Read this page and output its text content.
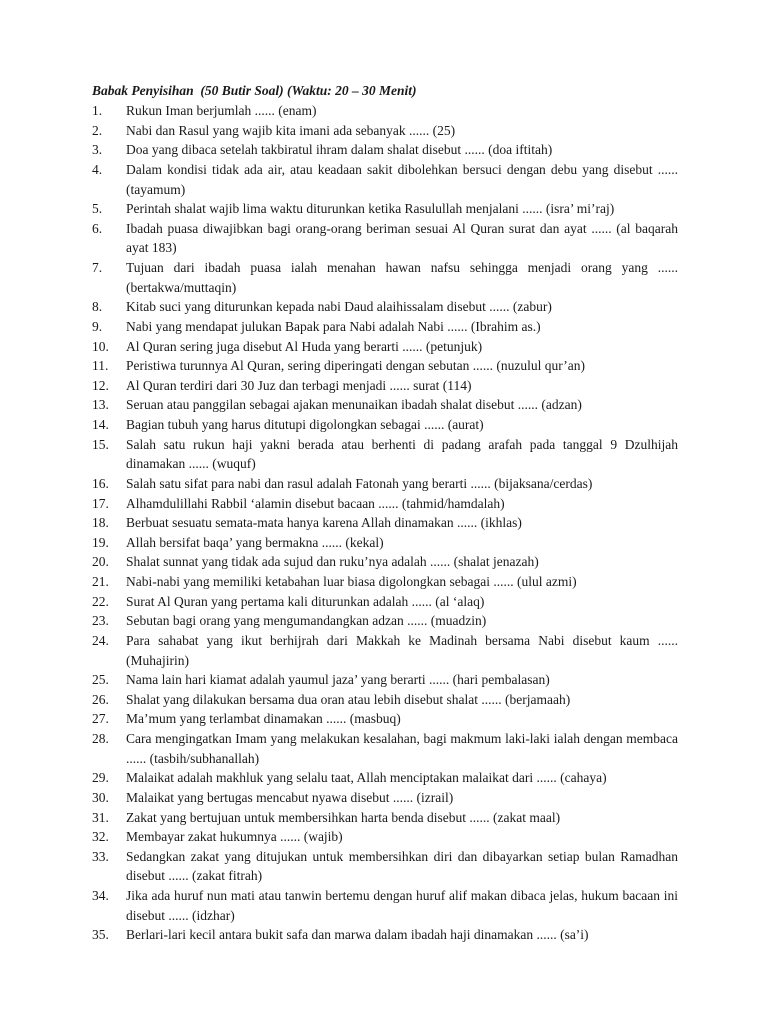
Babak Penyisihan  (50 Butir Soal) (Waktu: 20 – 30 Menit)
1.	Rukun Iman berjumlah ...... (enam)
2.	Nabi dan Rasul yang wajib kita imani ada sebanyak ...... (25)
3.	Doa yang dibaca setelah takbiratul ihram dalam shalat disebut ...... (doa iftitah)
4.	Dalam kondisi tidak ada air, atau keadaan sakit dibolehkan bersuci dengan debu yang disebut ...... (tayamum)
5.	Perintah shalat wajib lima waktu diturunkan ketika Rasulullah menjalani ...... (isra’ mi’raj)
6.	Ibadah puasa diwajibkan bagi orang-orang beriman sesuai Al Quran surat dan ayat ...... (al baqarah ayat 183)
7.	Tujuan dari ibadah puasa ialah menahan hawan nafsu sehingga menjadi orang yang ...... (bertakwa/muttaqin)
8.	Kitab suci yang diturunkan kepada nabi Daud alaihissalam disebut ...... (zabur)
9.	Nabi yang mendapat julukan Bapak para Nabi adalah Nabi ...... (Ibrahim as.)
10.	Al Quran sering juga disebut Al Huda yang berarti ...... (petunjuk)
11.	Peristiwa turunnya Al Quran, sering diperingati dengan sebutan ...... (nuzulul qur’an)
12.	Al Quran terdiri dari 30 Juz dan terbagi menjadi ...... surat (114)
13.	Seruan atau panggilan sebagai ajakan menunaikan ibadah shalat disebut ...... (adzan)
14.	Bagian tubuh yang harus ditutupi digolongkan sebagai ...... (aurat)
15.	Salah satu rukun haji yakni berada atau berhenti di padang arafah pada tanggal 9 Dzulhijah dinamakan ...... (wuquf)
16.	Salah satu sifat para nabi dan rasul adalah Fatonah yang berarti ...... (bijaksana/cerdas)
17.	Alhamdulillahi Rabbil ‘alamin disebut bacaan ...... (tahmid/hamdalah)
18.	Berbuat sesuatu semata-mata hanya karena Allah dinamakan ...... (ikhlas)
19.	Allah bersifat baqa’ yang bermakna ...... (kekal)
20.	Shalat sunnat yang tidak ada sujud dan ruku’nya adalah ...... (shalat jenazah)
21.	Nabi-nabi yang memiliki ketabahan luar biasa digolongkan sebagai ...... (ulul azmi)
22.	Surat Al Quran yang pertama kali diturunkan adalah ...... (al ‘alaq)
23.	Sebutan bagi orang yang mengumandangkan adzan ...... (muadzin)
24.	Para sahabat yang ikut berhijrah dari Makkah ke Madinah bersama Nabi disebut kaum ...... (Muhajirin)
25.	Nama lain hari kiamat adalah yaumul jaza’ yang berarti ...... (hari pembalasan)
26.	Shalat yang dilakukan bersama dua oran atau lebih disebut shalat ...... (berjamaah)
27.	Ma’mum yang terlambat dinamakan ...... (masbuq)
28.	Cara mengingatkan Imam yang melakukan kesalahan, bagi makmum laki-laki ialah dengan membaca ...... (tasbih/subhanallah)
29.	Malaikat adalah makhluk yang selalu taat, Allah menciptakan malaikat dari ...... (cahaya)
30.	Malaikat yang bertugas mencabut nyawa disebut ...... (izrail)
31.	Zakat yang bertujuan untuk membersihkan harta benda disebut ...... (zakat maal)
32.	Membayar zakat hukumnya ...... (wajib)
33.	Sedangkan zakat yang ditujukan untuk membersihkan diri dan dibayarkan setiap bulan Ramadhan disebut ...... (zakat fitrah)
34.	Jika ada huruf nun mati atau tanwin bertemu dengan huruf alif makan dibaca jelas, hukum bacaan ini disebut ...... (idzhar)
35.	Berlari-lari kecil antara bukit safa dan marwa dalam ibadah haji dinamakan ...... (sa’i)
